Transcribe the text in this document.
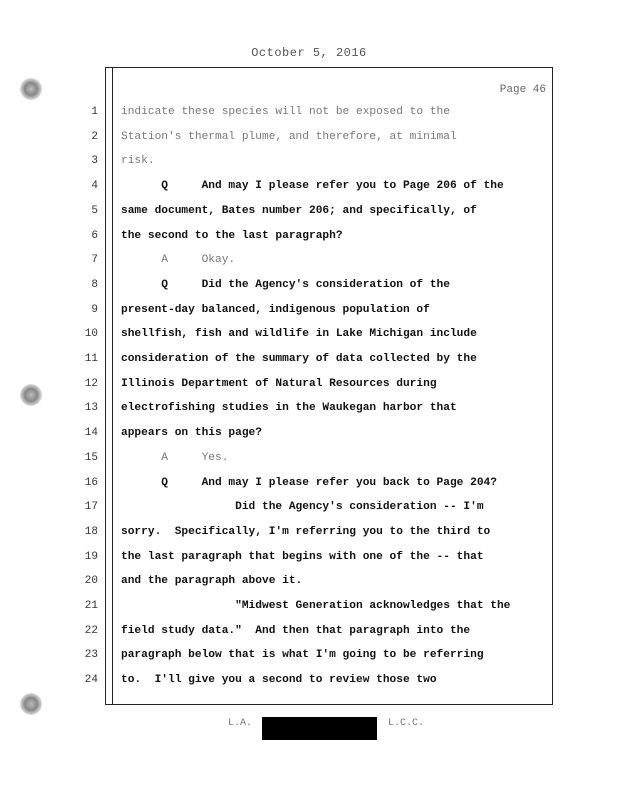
October 5, 2016
Page 46
1 indicate these species will not be exposed to the
2 Station's thermal plume, and therefore, at minimal
3 risk.
4 Q     And may I please refer you to Page 206 of the
5 same document, Bates number 206; and specifically, of
6 the second to the last paragraph?
7 A     Okay.
8 Q     Did the Agency's consideration of the
9 present-day balanced, indigenous population of
10 shellfish, fish and wildlife in Lake Michigan include
11 consideration of the summary of data collected by the
12 Illinois Department of Natural Resources during
13 electrofishing studies in the Waukegan harbor that
14 appears on this page?
15 A     Yes.
16 Q     And may I please refer you back to Page 204?
17 Did the Agency's consideration -- I'm
18 sorry.  Specifically, I'm referring you to the third to
19 the last paragraph that begins with one of the -- that
20 and the paragraph above it.
21 "Midwest Generation acknowledges that the
22 field study data."  And then that paragraph into the
23 paragraph below that is what I'm going to be referring
24 to.  I'll give you a second to review those two
L.A.	L.C.C.
